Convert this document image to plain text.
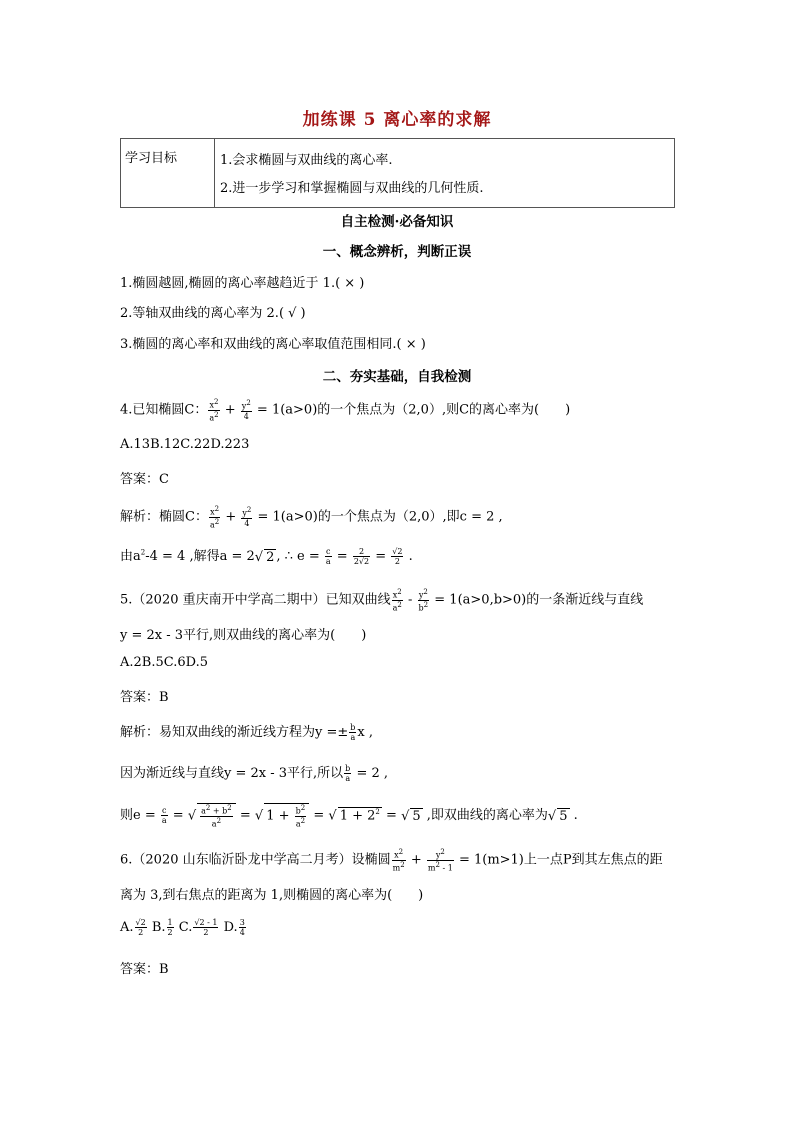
加练课 5 离心率的求解
学习目标	1.会求椭圆与双曲线的离心率.
2.进一步学习和掌握椭圆与双曲线的几何性质.
自主检测·必备知识
一、概念辨析，判断正误
1.椭圆越圆,椭圆的离心率越趋近于 1.( × )
2.等轴双曲线的离心率为 2.( √ )
3.椭圆的离心率和双曲线的离心率取值范围相同.( × )
二、夯实基础，自我检测
4.已知椭圆C： $\frac{x^2}{a^2} + \frac{y^2}{4} = 1(a>0)$的一个焦点为（2,0）,则C的离心率为(　　)
A.13B.12C.22D.223
答案：C
解析：椭圆C： $\frac{x^2}{a^2} + \frac{y^2}{4} = 1(a>0)$的一个焦点为（2,0）,即c = 2 ,
由$a^2-4 = 4$ ,解得a = 2√ 2 , ∴ $e = \frac{c}{a} = \frac{2}{2√2} = \frac{√2}{2}$ .
5.（2020 重庆南开中学高二期中）已知双曲线 $\frac{x^2}{a^2} - \frac{y^2}{b^2} = 1(a>0,b>0)$的一条渐近线与直线
y = 2x - 3平行,则双曲线的离心率为(　　)
A.2B.5C.6D.5
答案：B
解析：易知双曲线的渐近线方程为$y =\pm \frac{b}{a}$ x ,
因为渐近线与直线y = 2x - 3平行,所以 $\frac{b}{a} = 2$ ,
则$e = \frac{c}{a}$ = √ $\frac{a^2 + b^2}{a^2}$ = √ $1 + \frac{b^2}{a^2}$ = √ $1 + 2^2$ = √ 5 ,即双曲线的离心率为√ 5 .
6.（2020 山东临沂卧龙中学高二月考）设椭圆 $\frac{x^2}{m^2} + \frac{y^2}{m^2 - 1} = 1(m>1)$上一点P到其左焦点的距
离为 3,到右焦点的距离为 1,则椭圆的离心率为(　　)
A. $\frac{√2}{2} B$. $\frac{1}{2} C$. $\frac{√2 - 1}{2} D$. $\frac{3}{4}$
答案：B
